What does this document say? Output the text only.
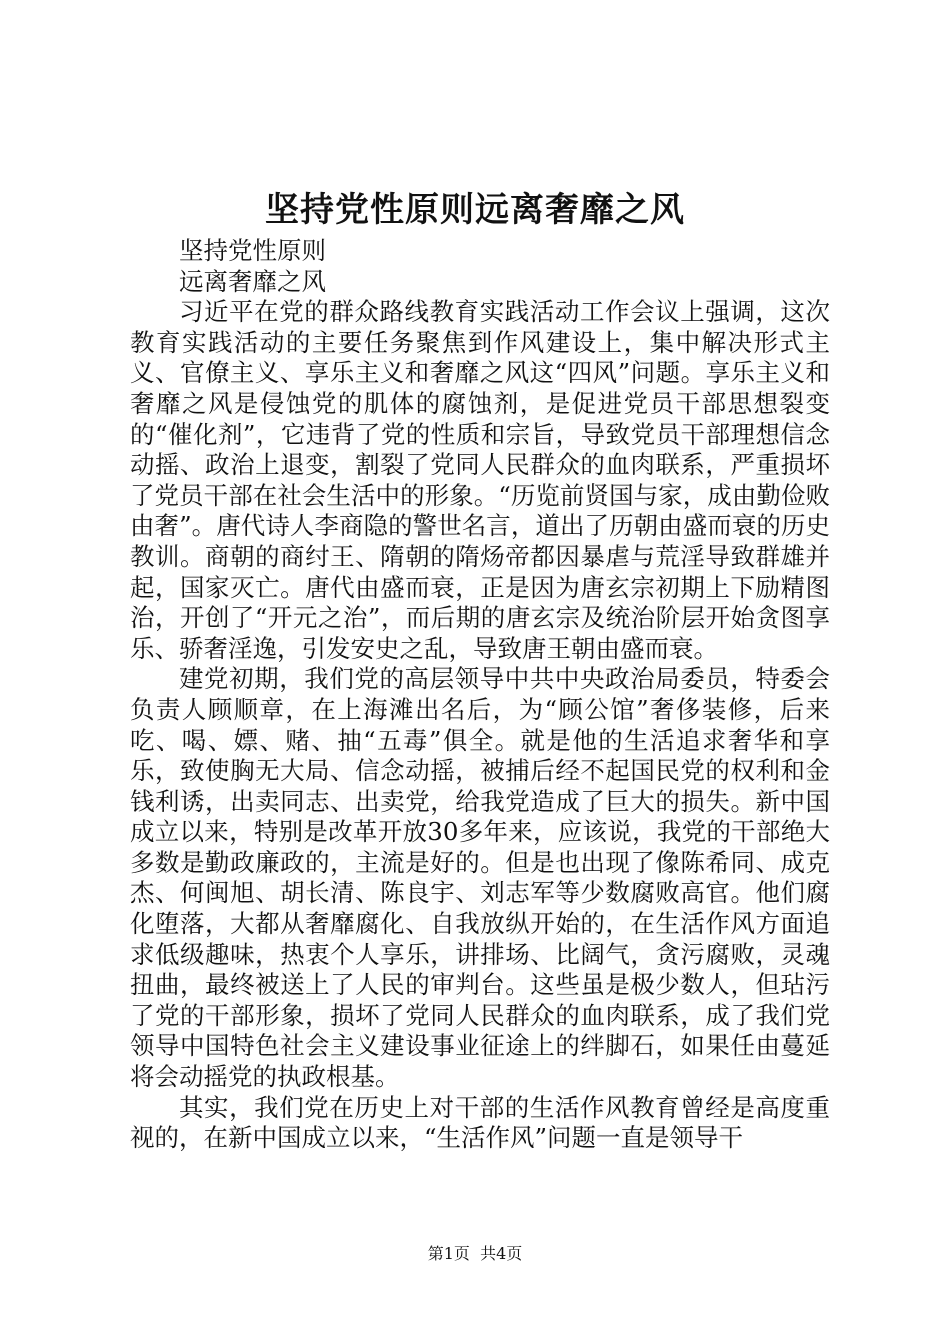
坚持党性原则远离奢靡之风

坚持党性原则

远离奢靡之风

习近平在党的群众路线教育实践活动工作会议上强调，这次教育实践活动的主要任务聚焦到作风建设上，集中解决形式主义、官僚主义、享乐主义和奢靡之风这“四风”问题。享乐主义和奢靡之风是侵蚀党的肌体的腐蚀剂，是促进党员干部思想裂变的“催化剂”，它违背了党的性质和宗旨，导致党员干部理想信念动摇、政治上退变，割裂了党同人民群众的血肉联系，严重损坏了党员干部在社会生活中的形象。“历览前贤国与家，成由勤俭败由奢”。唐代诗人李商隐的警世名言，道出了历朝由盛而衰的历史教训。商朝的商纣王、隋朝的隋炀帝都因暴虐与荒淫导致群雄并起，国家灭亡。唐代由盛而衰，正是因为唐玄宗初期上下励精图治，开创了“开元之治”，而后期的唐玄宗及统治阶层开始贪图享乐、骄奢淫逸，引发安史之乱，导致唐王朝由盛而衰。

建党初期，我们党的高层领导中共中央政治局委员，特委会负责人顾顺章，在上海滩出名后，为“顾公馆”奢侈装修，后来吃、喝、嫖、赌、抽“五毒”俱全。就是他的生活追求奢华和享乐，致使胸无大局、信念动摇，被捕后经不起国民党的权利和金钱利诱，出卖同志、出卖党，给我党造成了巨大的损失。新中国成立以来，特别是改革开放30多年来，应该说，我党的干部绝大多数是勤政廉政的，主流是好的。但是也出现了像陈希同、成克杰、何闽旭、胡长清、陈良宇、刘志军等少数腐败高官。他们腐化堕落，大都从奢靡腐化、自我放纵开始的，在生活作风方面追求低级趣味，热衷个人享乐，讲排场、比阔气，贪污腐败，灵魂扭曲，最终被送上了人民的审判台。这些虽是极少数人，但玷污了党的干部形象，损坏了党同人民群众的血肉联系，成了我们党领导中国特色社会主义建设事业征途上的绊脚石，如果任由蔓延将会动摇党的执政根基。

其实，我们党在历史上对干部的生活作风教育曾经是高度重视的，在新中国成立以来，“生活作风”问题一直是领导干

第1页 共4页
